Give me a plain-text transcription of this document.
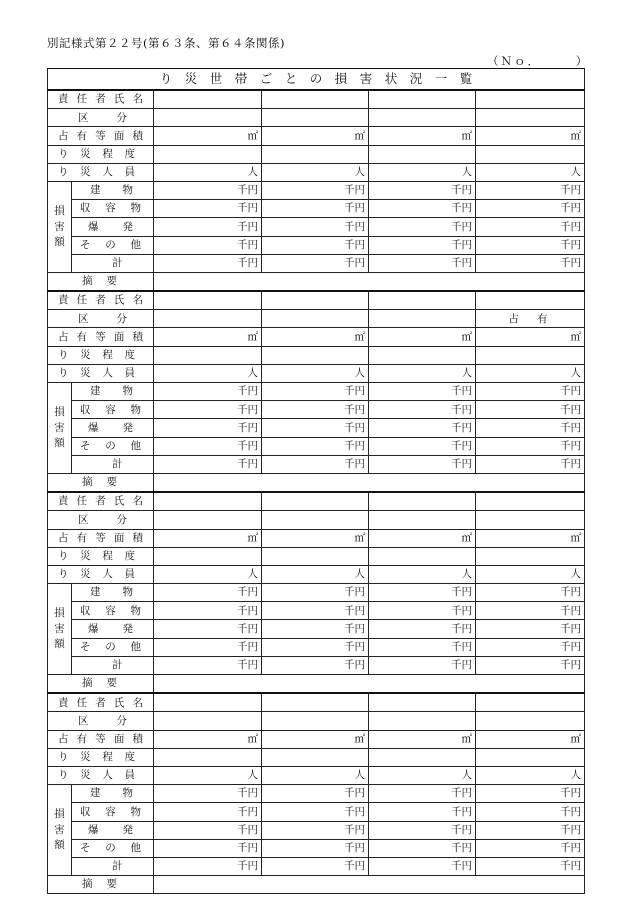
別記様式第２２号(第６３条、第６４条関係)
（Ｎｏ．　　　）
り　災　世　帯　ご　と　の　損　害　状　況　一　覧					
責任者氏名					
区分					
占有等面積		㎡	㎡	㎡	㎡
り災程度					
り災人員		人	人	人	人

損
害
額	建物	千円	千円	千円	千円
	収容物	千円	千円	千円	千円
	爆発	千円	千円	千円	千円
	その他	千円	千円	千円	千円
	計	千円	千円	千円	千円
摘要					
責任者氏名					
区分					占有
占有等面積		㎡	㎡	㎡	㎡
り災程度					
り災人員		人	人	人	人

損
害
額	建物	千円	千円	千円	千円
	収容物	千円	千円	千円	千円
	爆発	千円	千円	千円	千円
	その他	千円	千円	千円	千円
	計	千円	千円	千円	千円
摘要					
責任者氏名					
区分					
占有等面積		㎡	㎡	㎡	㎡
り災程度					
り災人員		人	人	人	人

損
害
額	建物	千円	千円	千円	千円
	収容物	千円	千円	千円	千円
	爆発	千円	千円	千円	千円
	その他	千円	千円	千円	千円
	計	千円	千円	千円	千円
摘要					
責任者氏名					
区分					
占有等面積		㎡	㎡	㎡	㎡
り災程度					
り災人員		人	人	人	人

損
害
額	建物	千円	千円	千円	千円
	収容物	千円	千円	千円	千円
	爆発	千円	千円	千円	千円
	その他	千円	千円	千円	千円
	計	千円	千円	千円	千円
摘要					
